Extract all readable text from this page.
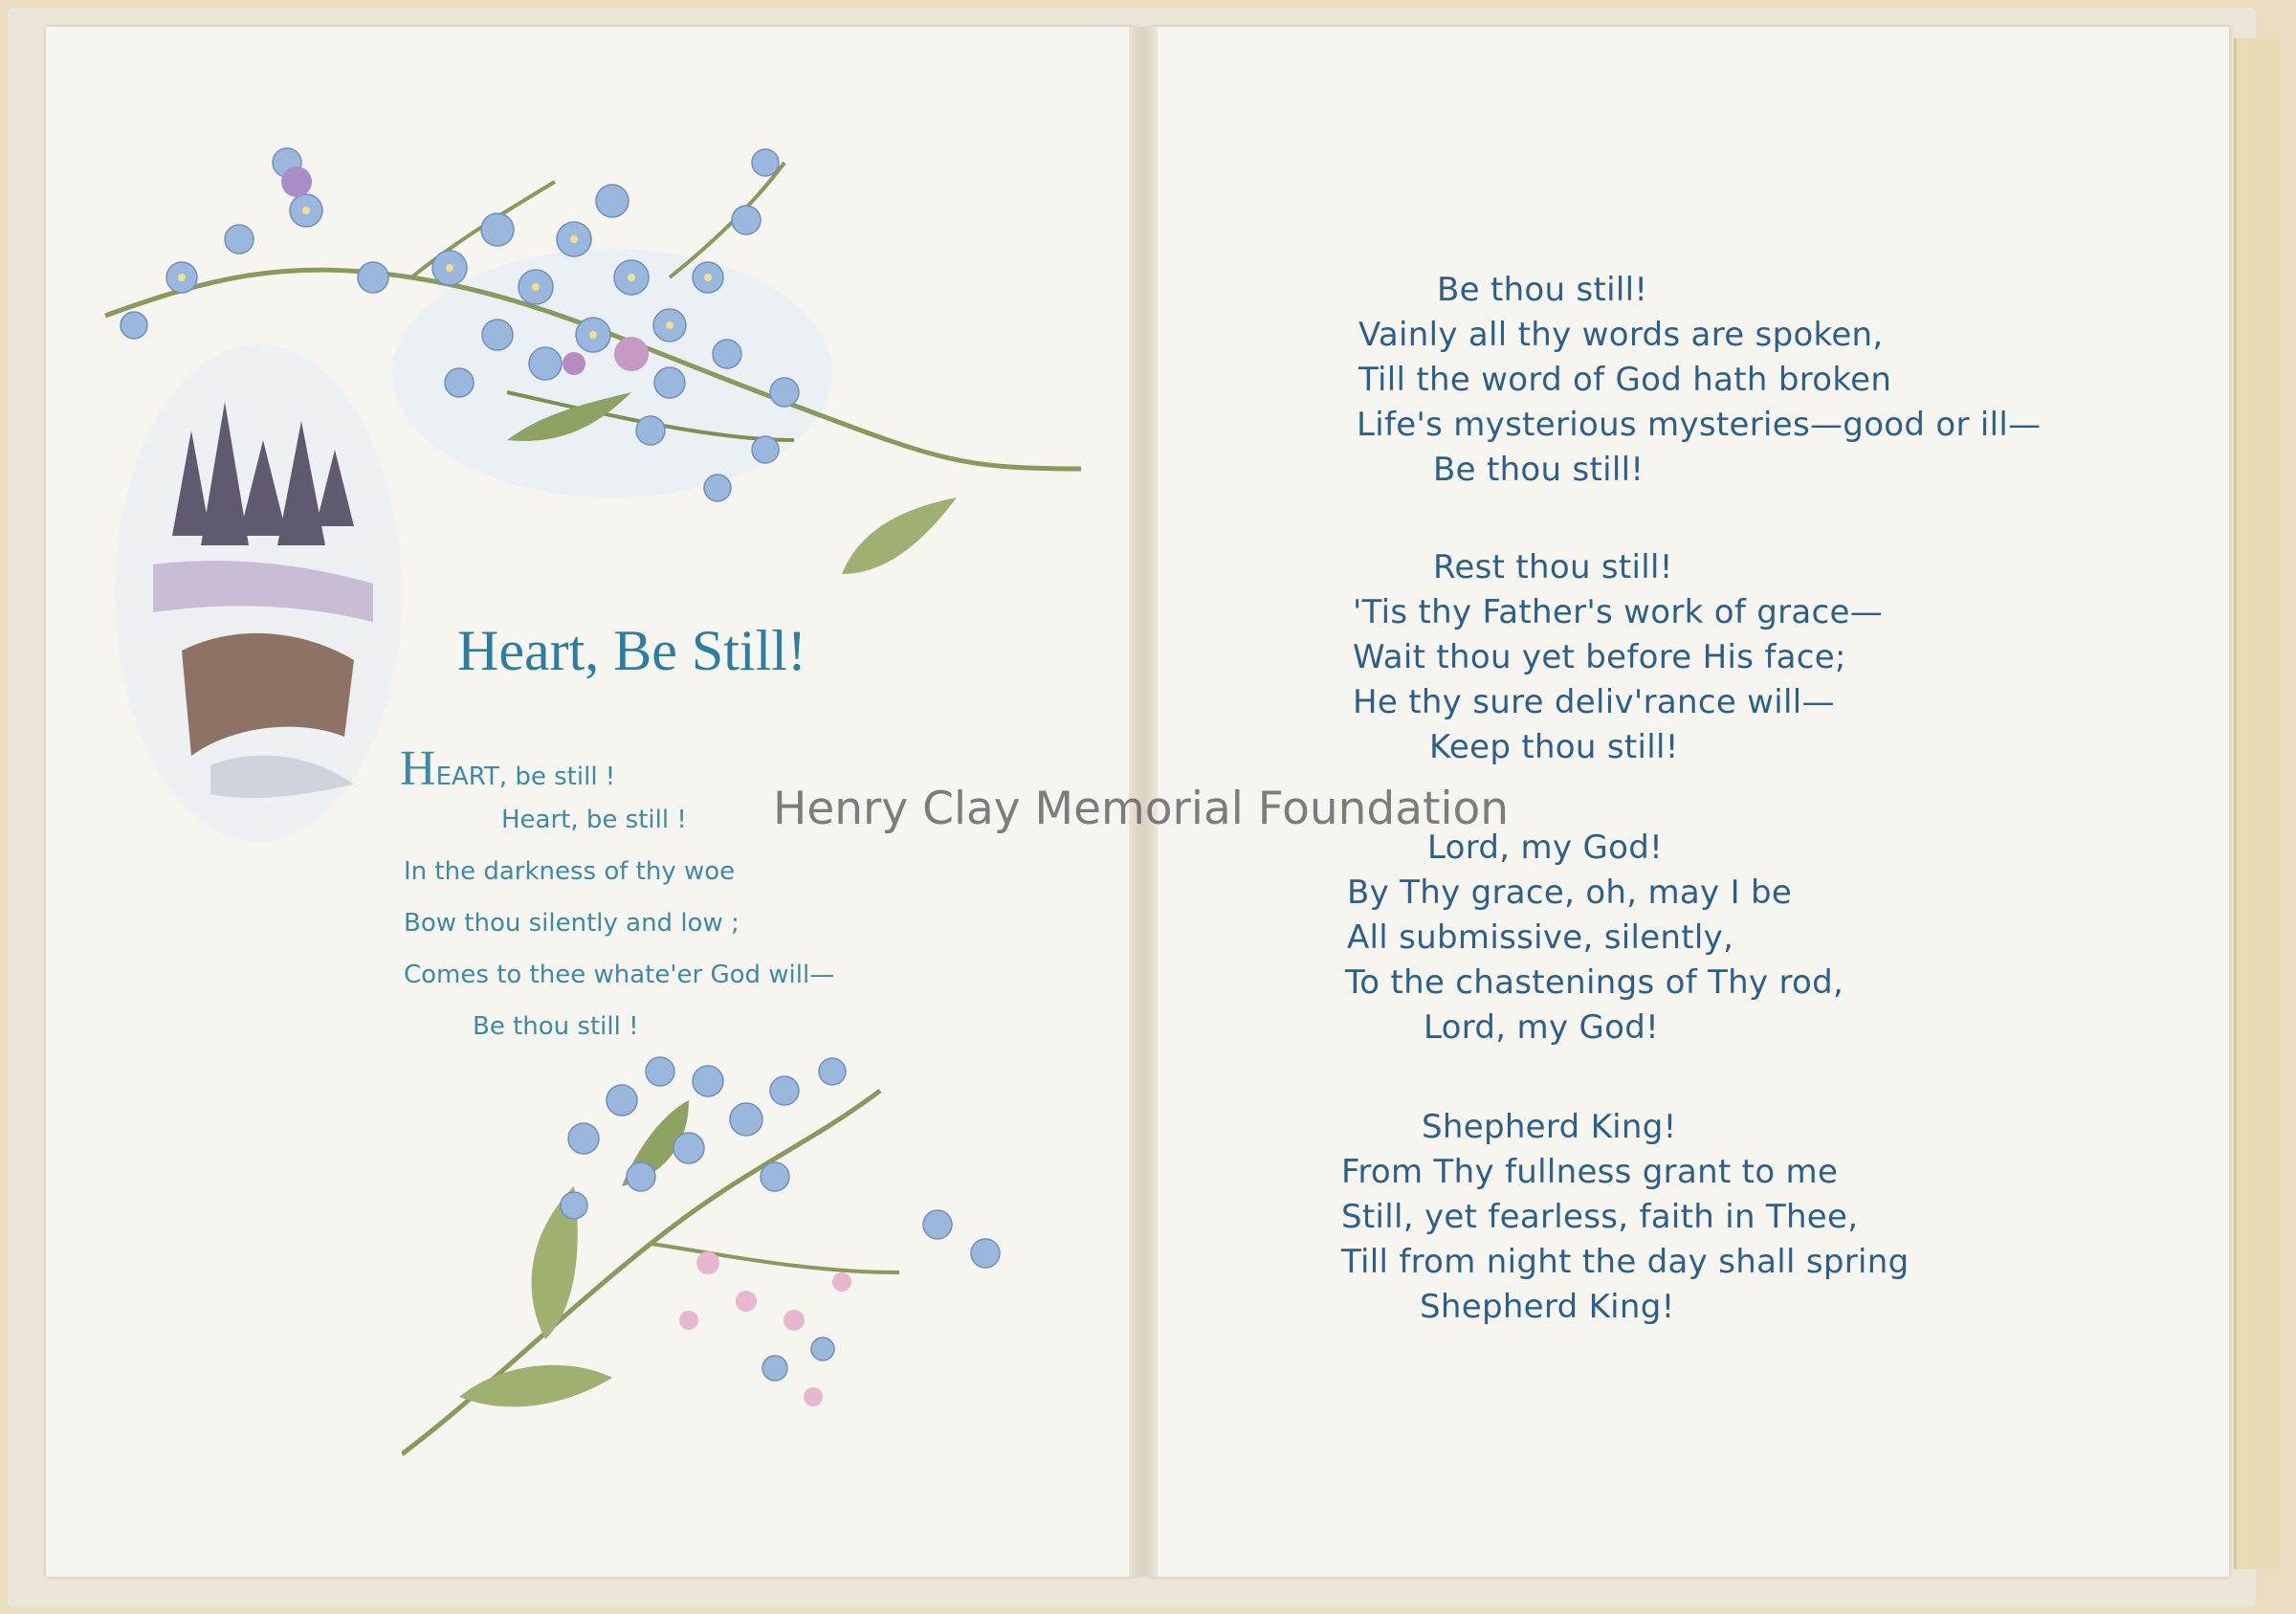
Heart, Be Still!
HEART, be still !
Heart, be still !
In the darkness of thy woe
Bow thou silently and low ;
Comes to thee whate'er God will—
Be thou still !
Be thou still!
Vainly all thy words are spoken,
Till the word of God hath broken
Life's mysterious mysteries—good or ill—
Be thou still!
Rest thou still!
'Tis thy Father's work of grace—
Wait thou yet before His face;
He thy sure deliv'rance will—
Keep thou still!
Lord, my God!
By Thy grace, oh, may I be
All submissive, silently,
To the chastenings of Thy rod,
Lord, my God!
Shepherd King!
From Thy fullness grant to me
Still, yet fearless, faith in Thee,
Till from night the day shall spring
Shepherd King!
Henry Clay Memorial Foundation
